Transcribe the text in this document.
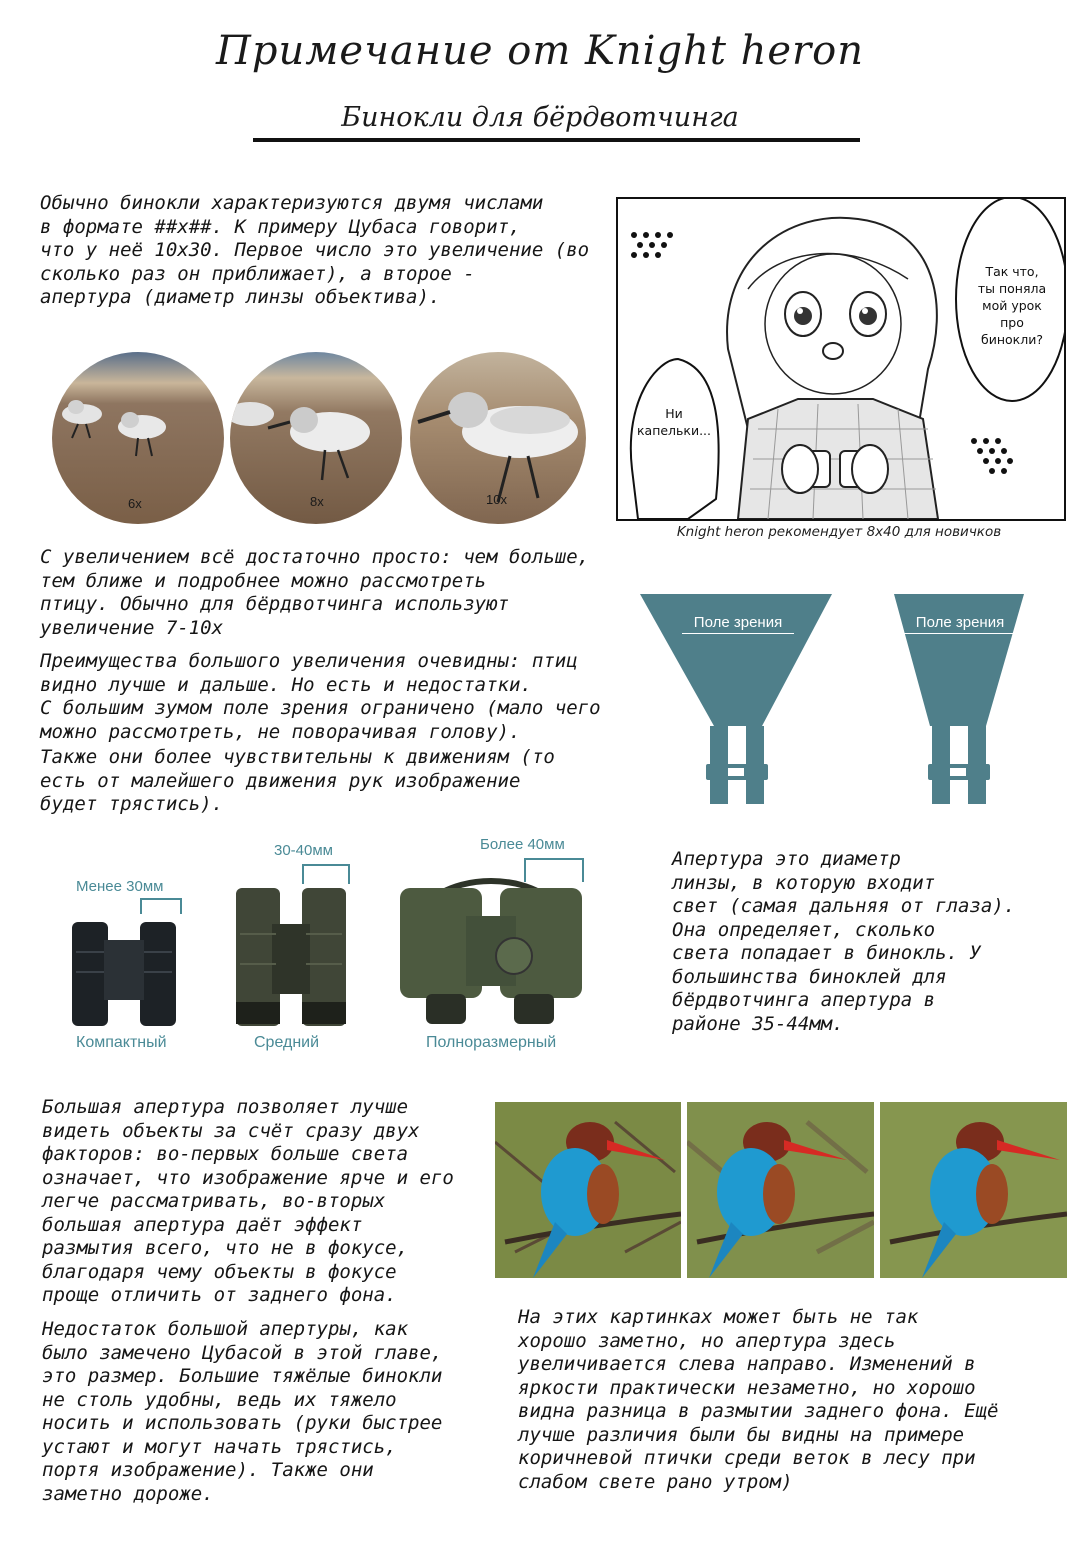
Примечание от Knight heron
Бинокли для бёрдвотчинга
Обычно бинокли характеризуются двумя числами
в формате ##x##. К примеру Цубаса говорит,
что у неё 10x30. Первое число это увеличение (во
сколько раз он приближает), а второе -
апертура (диаметр линзы объектива).
6x	8x	10x
Так что,
ты поняла
мой урок
про
бинокли?
Ни
капельки...
Knight heron рекомендует 8x40 для новичков
С увеличением всё достаточно просто: чем больше,
тем ближе и подробнее можно рассмотреть
птицу. Обычно для бёрдвотчинга используют
увеличение 7-10x
Преимущества большого увеличения очевидны: птиц
видно лучше и дальше. Но есть и недостатки.
С большим зумом поле зрения ограничено (мало чего
можно рассмотреть, не поворачивая голову).
Также они более чувствительны к движениям (то
есть от малейшего движения рук изображение
будет трястись).
Поле зрения	Поле зрения
Менее 30мм
30-40мм	Более 40мм
Компактный	Средний	Полноразмерный
Апертура это диаметр
линзы, в которую входит
свет (самая дальняя от глаза).
Она определяет, сколько
света попадает в бинокль. У
большинства биноклей для
бёрдвотчинга апертура в
районе 35-44мм.
Большая апертура позволяет лучше
видеть объекты за счёт сразу двух
факторов: во-первых больше света
означает, что изображение ярче и его
легче рассматривать, во-вторых
большая апертура даёт эффект
размытия всего, что не в фокусе,
благодаря чему объекты в фокусе
проще отличить от заднего фона.
Недостаток большой апертуры, как
было замечено Цубасой в этой главе,
это размер. Большие тяжёлые бинокли
не столь удобны, ведь их тяжело
носить и использовать (руки быстрее
устают и могут начать трястись,
портя изображение). Также они
заметно дороже.
На этих картинках может быть не так
хорошо заметно, но апертура здесь
увеличивается слева направо. Изменений в
яркости практически незаметно, но хорошо
видна разница в размытии заднего фона. Ещё
лучше различия были бы видны на примере
коричневой птички среди веток в лесу при
слабом свете рано утром)
